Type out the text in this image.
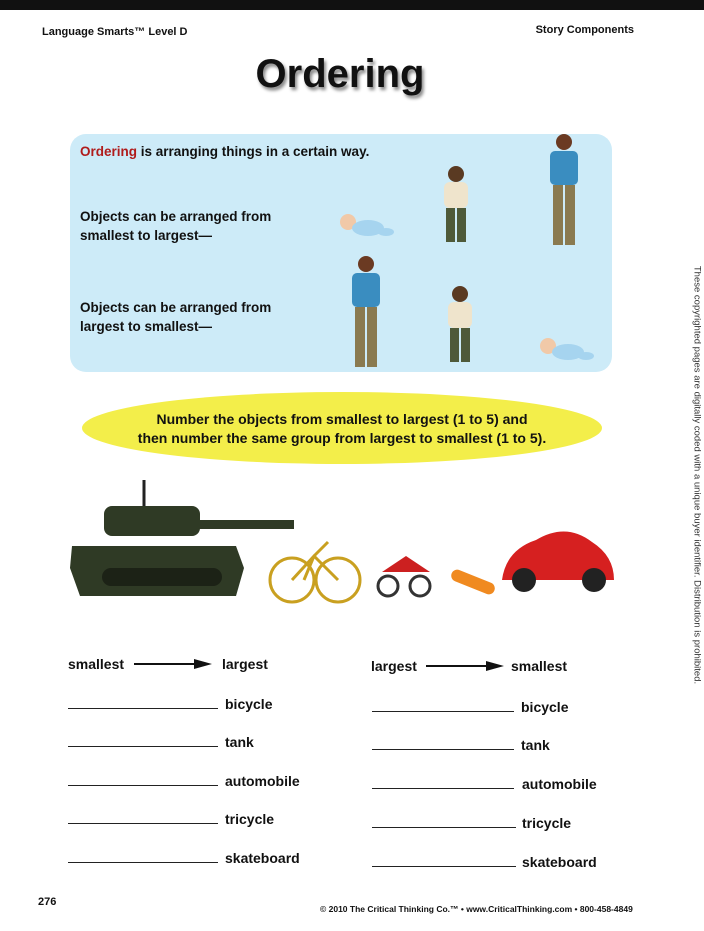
Language Smarts™ Level D	Story Components
Ordering
Ordering is arranging things in a certain way.
Objects can be arranged from
smallest to largest—
Objects can be arranged from
largest to smallest—
Number the objects from smallest to largest (1 to 5) and
then number the same group from largest to smallest (1 to 5).
smallest	largest	largest	smallest
bicycle
tank
automobile
tricycle
skateboard
bicycle
tank
automobile
tricycle
skateboard
These copyrighted pages are digitally coded with a unique buyer identifier. Distribution is prohibited.
276
© 2010 The Critical Thinking Co.™ • www.CriticalThinking.com • 800-458-4849
